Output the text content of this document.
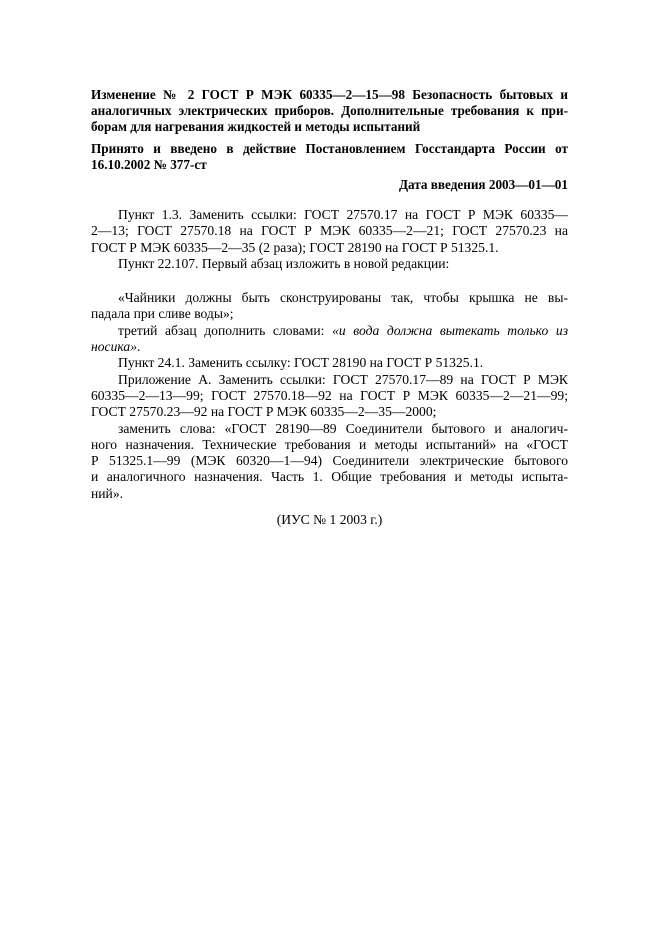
Изменение № 2 ГОСТ Р МЭК 60335—2—15—98 Безопасность бытовых и
аналогичных электрических приборов. Дополнительные требования к при-
борам для нагревания жидкостей и методы испытаний
Принято и введено в действие Постановлением Госстандарта России от
16.10.2002 № 377-ст
Дата введения 2003—01—01
Пункт 1.3. Заменить ссылки: ГОСТ 27570.17 на ГОСТ Р МЭК 60335—
2—13; ГОСТ 27570.18 на ГОСТ Р МЭК 60335—2—21; ГОСТ 27570.23 на
ГОСТ Р МЭК 60335—2—35 (2 раза); ГОСТ 28190 на ГОСТ Р 51325.1.
Пункт 22.107. Первый абзац изложить в новой редакции:
«Чайники должны быть сконструированы так, чтобы крышка не вы-
падала при сливе воды»;
третий абзац дополнить словами: «и вода должна вытекать только из
носика».
Пункт 24.1. Заменить ссылку: ГОСТ 28190 на ГОСТ Р 51325.1.
Приложение А. Заменить ссылки: ГОСТ 27570.17—89 на ГОСТ Р МЭК
60335—2—13—99; ГОСТ 27570.18—92 на ГОСТ Р МЭК 60335—2—21—99;
ГОСТ 27570.23—92 на ГОСТ Р МЭК 60335—2—35—2000;
заменить слова: «ГОСТ 28190—89 Соединители бытового и аналогич-
ного назначения. Технические требования и методы испытаний» на «ГОСТ
Р 51325.1—99 (МЭК 60320—1—94) Соединители электрические бытового
и аналогичного назначения. Часть 1. Общие требования и методы испыта-
ний».
(ИУС № 1 2003 г.)
